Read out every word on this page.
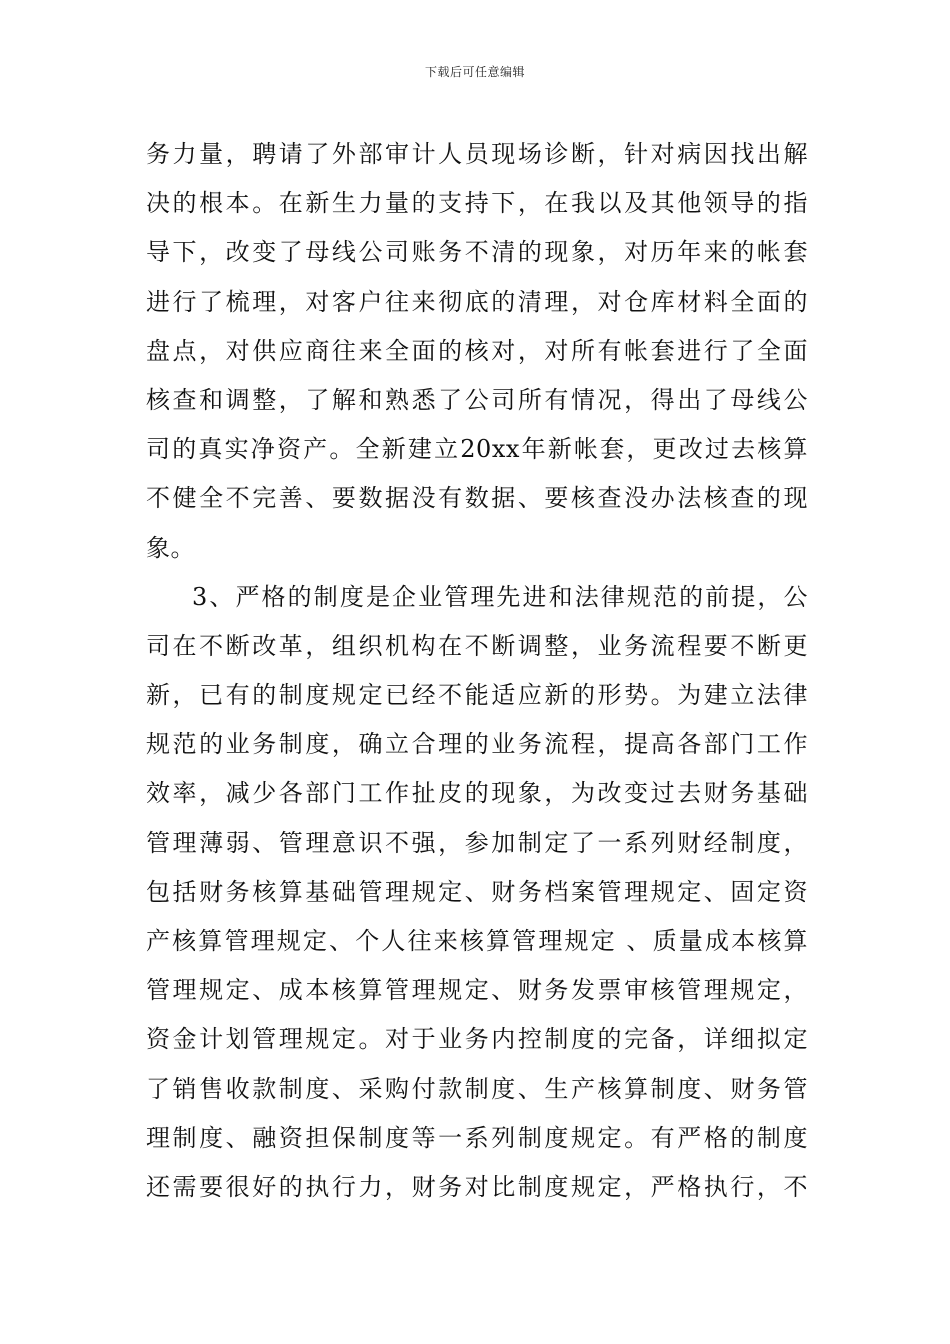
下载后可任意编辑
务力量，聘请了外部审计人员现场诊断，针对病因找出解
决的根本。在新生力量的支持下，在我以及其他领导的指
导下，改变了母线公司账务不清的现象，对历年来的帐套
进行了梳理，对客户往来彻底的清理，对仓库材料全面的
盘点，对供应商往来全面的核对，对所有帐套进行了全面
核查和调整，了解和熟悉了公司所有情况，得出了母线公
司的真实净资产。全新建立20xx年新帐套，更改过去核算
不健全不完善、要数据没有数据、要核查没办法核查的现
象。
3、严格的制度是企业管理先进和法律规范的前提，公
司在不断改革，组织机构在不断调整，业务流程要不断更
新，已有的制度规定已经不能适应新的形势。为建立法律
规范的业务制度，确立合理的业务流程，提高各部门工作
效率，减少各部门工作扯皮的现象，为改变过去财务基础
管理薄弱、管理意识不强，参加制定了一系列财经制度，
包括财务核算基础管理规定、财务档案管理规定、固定资
产核算管理规定、个人往来核算管理规定 、质量成本核算
管理规定、成本核算管理规定、财务发票审核管理规定，
资金计划管理规定。对于业务内控制度的完备，详细拟定
了销售收款制度、采购付款制度、生产核算制度、财务管
理制度、融资担保制度等一系列制度规定。有严格的制度
还需要很好的执行力，财务对比制度规定，严格执行，不
